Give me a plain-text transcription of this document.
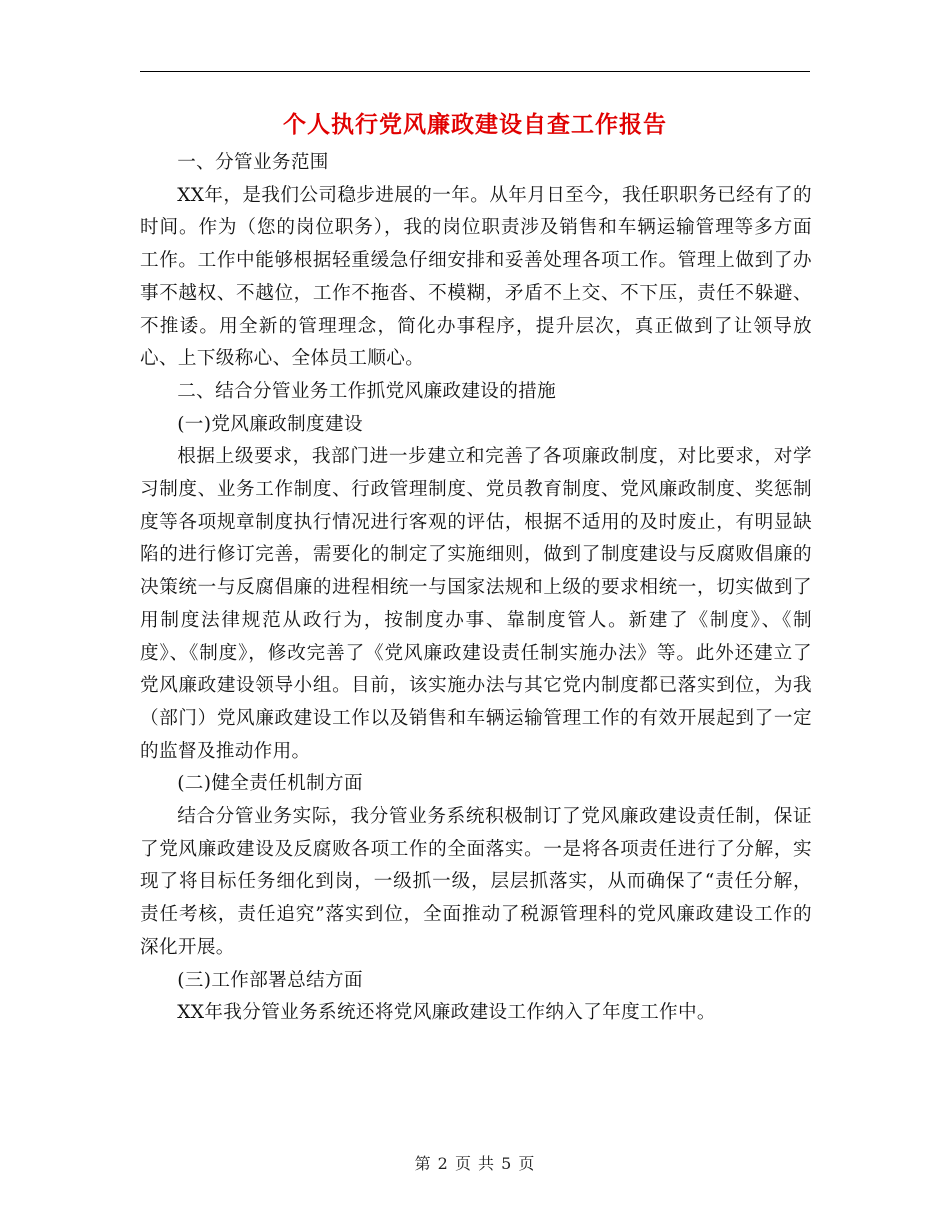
个人执行党风廉政建设自查工作报告

一、分管业务范围

XX年，是我们公司稳步进展的一年。从年月日至今，我任职职务已经有了的时间。作为（您的岗位职务），我的岗位职责涉及销售和车辆运输管理等多方面工作。工作中能够根据轻重缓急仔细安排和妥善处理各项工作。管理上做到了办事不越权、不越位，工作不拖沓、不模糊，矛盾不上交、不下压，责任不躲避、不推诿。用全新的管理理念，简化办事程序，提升层次，真正做到了让领导放心、上下级称心、全体员工顺心。

二、结合分管业务工作抓党风廉政建设的措施

(一)党风廉政制度建设

根据上级要求，我部门进一步建立和完善了各项廉政制度，对比要求，对学习制度、业务工作制度、行政管理制度、党员教育制度、党风廉政制度、奖惩制度等各项规章制度执行情况进行客观的评估，根据不适用的及时废止，有明显缺陷的进行修订完善，需要化的制定了实施细则，做到了制度建设与反腐败倡廉的决策统一与反腐倡廉的进程相统一与国家法规和上级的要求相统一，切实做到了用制度法律规范从政行为，按制度办事、靠制度管人。新建了《制度》、《制度》、《制度》，修改完善了《党风廉政建设责任制实施办法》等。此外还建立了党风廉政建设领导小组。目前，该实施办法与其它党内制度都已落实到位，为我（部门）党风廉政建设工作以及销售和车辆运输管理工作的有效开展起到了一定的监督及推动作用。

(二)健全责任机制方面

结合分管业务实际，我分管业务系统积极制订了党风廉政建设责任制，保证了党风廉政建设及反腐败各项工作的全面落实。一是将各项责任进行了分解，实现了将目标任务细化到岗，一级抓一级，层层抓落实，从而确保了“责任分解，责任考核，责任追究”落实到位，全面推动了税源管理科的党风廉政建设工作的深化开展。

(三)工作部署总结方面

XX年我分管业务系统还将党风廉政建设工作纳入了年度工作中。

第 2 页 共 5 页
